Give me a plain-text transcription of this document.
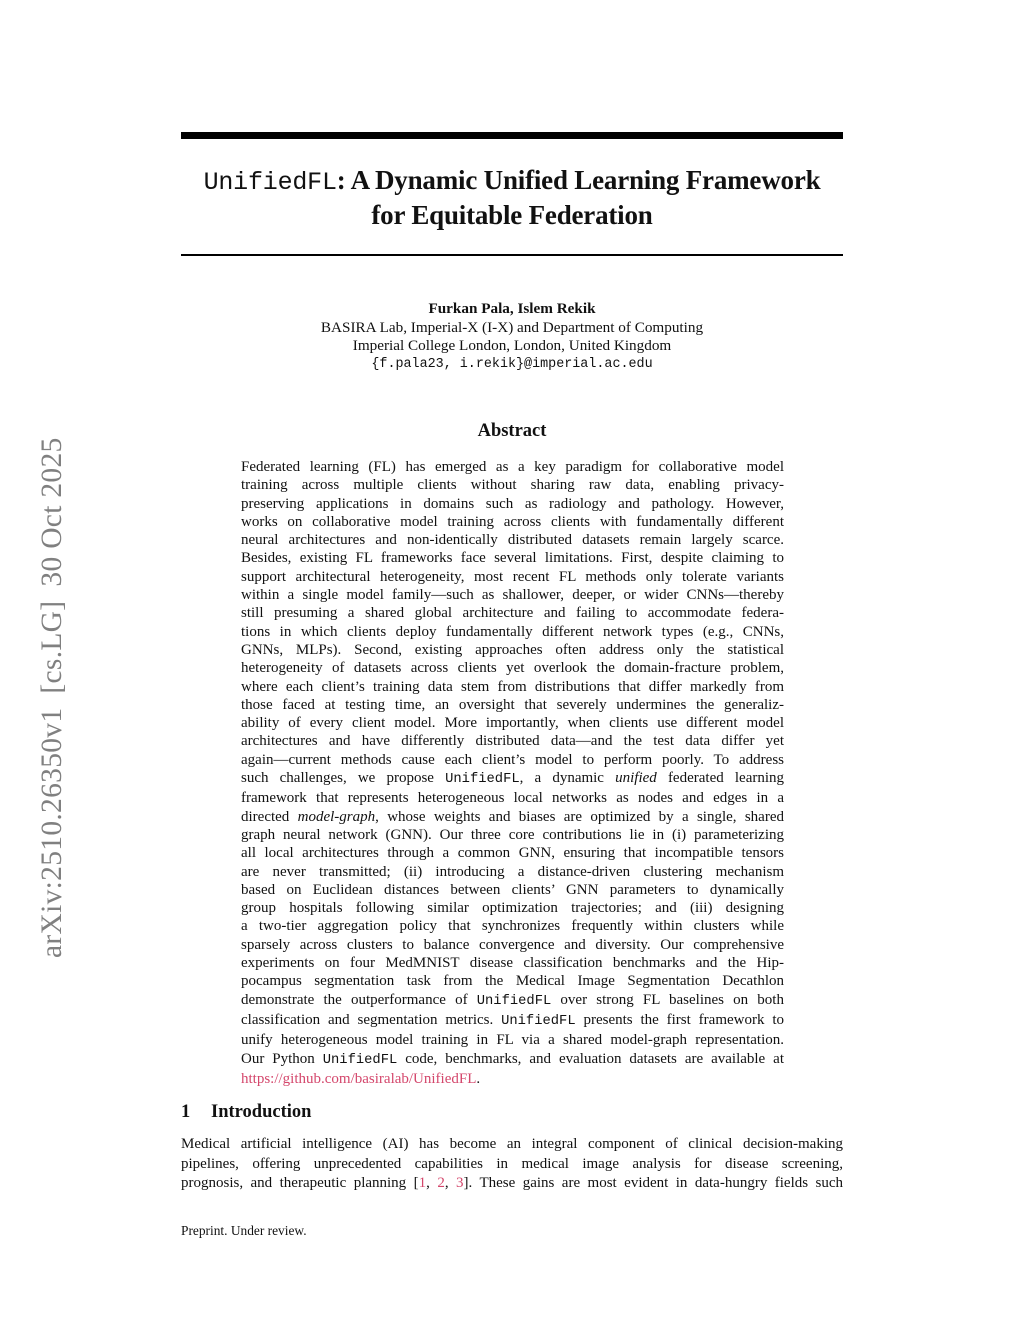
UnifiedFL: A Dynamic Unified Learning Framework
for Equitable Federation
Furkan Pala, Islem Rekik
BASIRA Lab, Imperial-X (I-X) and Department of Computing
Imperial College London, London, United Kingdom
{f.pala23, i.rekik}@imperial.ac.edu
arXiv:2510.26350v1[cs.LG]30 Oct 2025
Abstract
Federated learning (FL) has emerged as a key paradigm for collaborative model
training across multiple clients without sharing raw data, enabling privacy-
preserving applications in domains such as radiology and pathology. However,
works on collaborative model training across clients with fundamentally different
neural architectures and non-identically distributed datasets remain largely scarce.
Besides, existing FL frameworks face several limitations. First, despite claiming to
support architectural heterogeneity, most recent FL methods only tolerate variants
within a single model family—such as shallower, deeper, or wider CNNs—thereby
still presuming a shared global architecture and failing to accommodate federa-
tions in which clients deploy fundamentally different network types (e.g., CNNs,
GNNs, MLPs). Second, existing approaches often address only the statistical
heterogeneity of datasets across clients yet overlook the domain-fracture problem,
where each client’s training data stem from distributions that differ markedly from
those faced at testing time, an oversight that severely undermines the generaliz-
ability of every client model. More importantly, when clients use different model
architectures and have differently distributed data—and the test data differ yet
again—current methods cause each client’s model to perform poorly. To address
such challenges, we propose UnifiedFL, a dynamic unified federated learning
framework that represents heterogeneous local networks as nodes and edges in a
directed model-graph, whose weights and biases are optimized by a single, shared
graph neural network (GNN). Our three core contributions lie in (i) parameterizing
all local architectures through a common GNN, ensuring that incompatible tensors
are never transmitted; (ii) introducing a distance-driven clustering mechanism
based on Euclidean distances between clients’ GNN parameters to dynamically
group hospitals following similar optimization trajectories; and (iii) designing
a two-tier aggregation policy that synchronizes frequently within clusters while
sparsely across clusters to balance convergence and diversity. Our comprehensive
experiments on four MedMNIST disease classification benchmarks and the Hip-
pocampus segmentation task from the Medical Image Segmentation Decathlon
demonstrate the outperformance of UnifiedFL over strong FL baselines on both
classification and segmentation metrics. UnifiedFL presents the first framework to
unify heterogeneous model training in FL via a shared model-graph representation.
Our Python UnifiedFL code, benchmarks, and evaluation datasets are available at
https://github.com/basiralab/UnifiedFL.
1 Introduction
Medical artificial intelligence (AI) has become an integral component of clinical decision-making
pipelines, offering unprecedented capabilities in medical image analysis for disease screening,
prognosis, and therapeutic planning [1, 2, 3]. These gains are most evident in data-hungry fields such
Preprint. Under review.
